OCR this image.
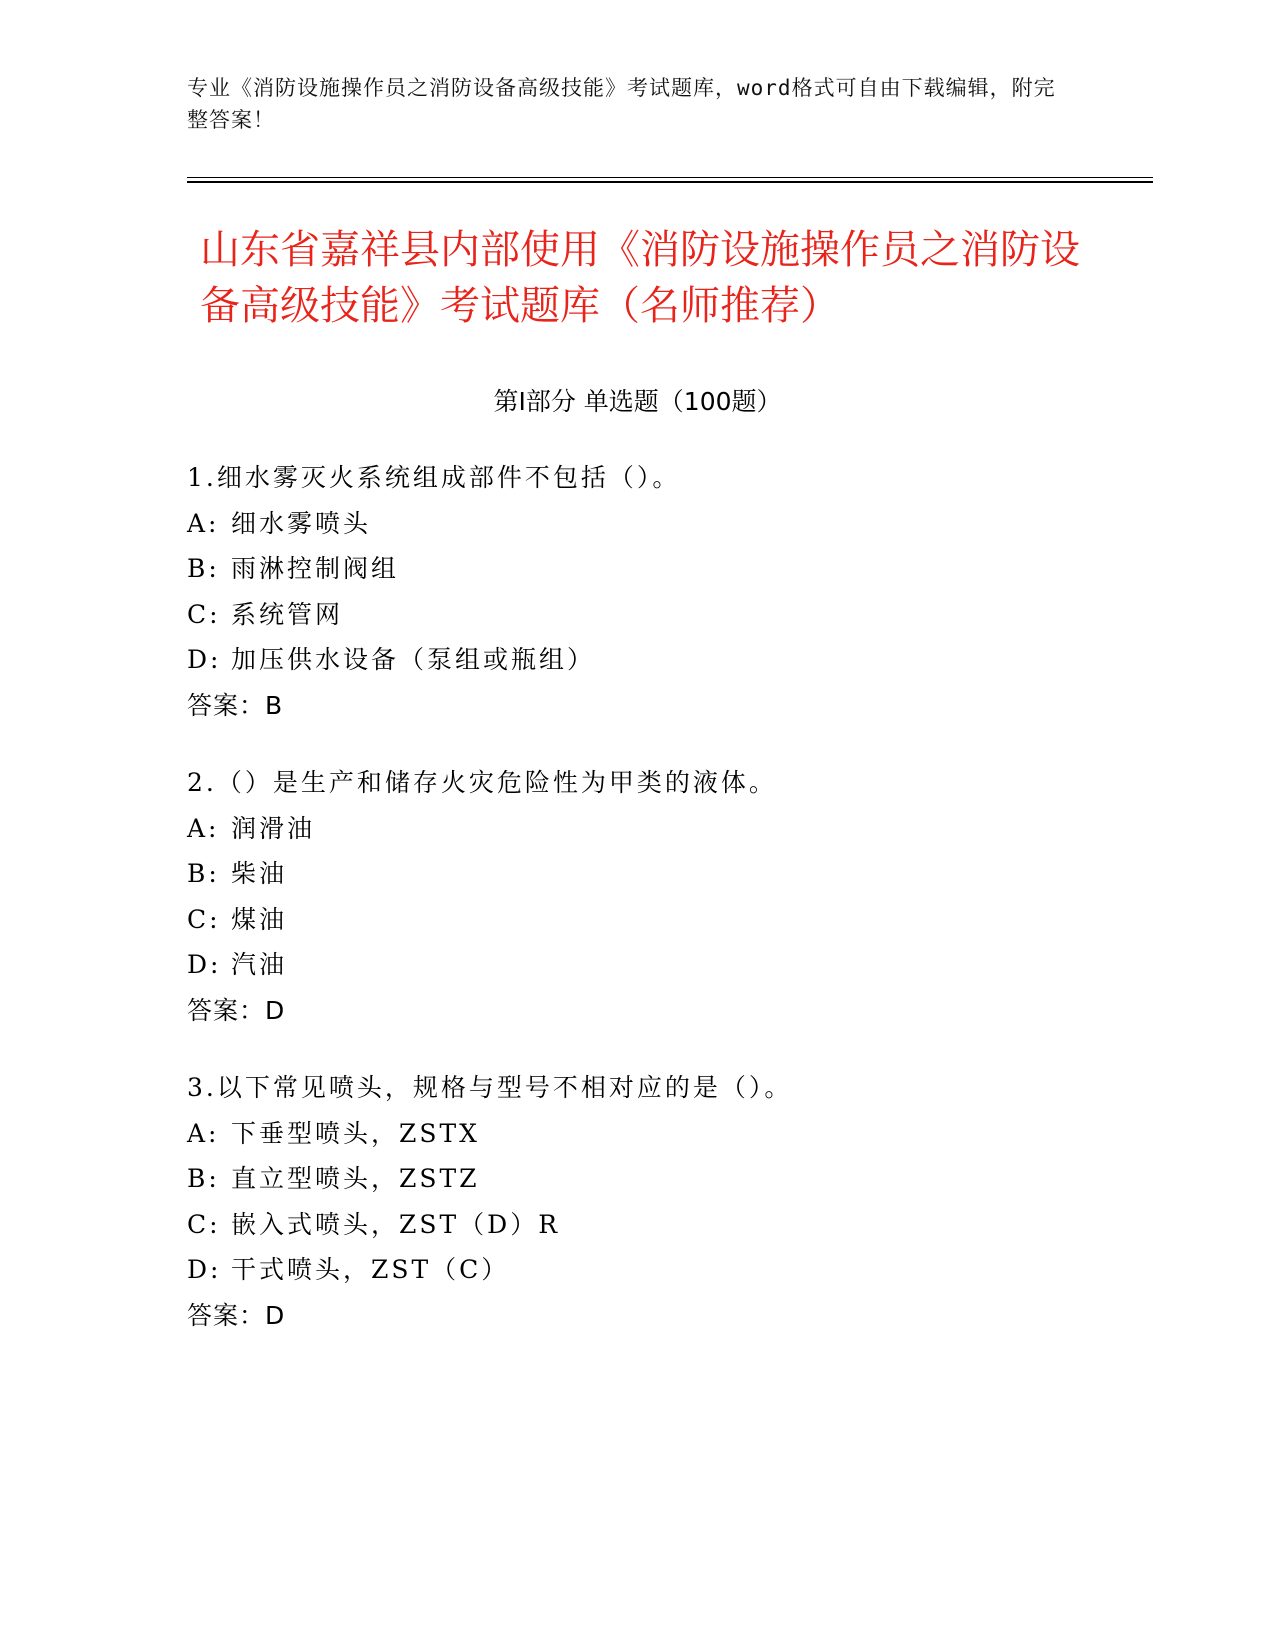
专业《消防设施操作员之消防设备高级技能》考试题库，word格式可自由下载编辑，附完整答案！
山东省嘉祥县内部使用《消防设施操作员之消防设备高级技能》考试题库（名师推荐）
第Ⅰ部分 单选题（100题）
1.细水雾灭火系统组成部件不包括（）。
A: 细水雾喷头
B: 雨淋控制阀组
C: 系统管网
D: 加压供水设备（泵组或瓶组）
答案：B
2.（）是生产和储存火灾危险性为甲类的液体。
A: 润滑油
B: 柴油
C: 煤油
D: 汽油
答案：D
3.以下常见喷头，规格与型号不相对应的是（）。
A: 下垂型喷头，ZSTX
B: 直立型喷头，ZSTZ
C: 嵌入式喷头，ZST（D）R
D: 干式喷头，ZST（C）
答案：D
